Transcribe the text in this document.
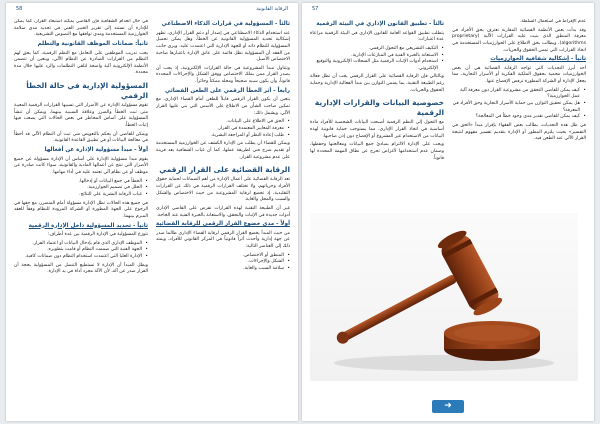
الرقابة القانونية
58
ثالثاً - المسؤولية في قرارات الذكاء الاصطناعي

عند استخدام الذكاء الاصطناعي في إصدار أو دعم القرار الإداري، تظهر إشكالية تحديد المسؤولية القانونية عن الخطأ، وهل يمكن تحميل المسؤولية للنظام ذاته أو للجهة الإدارية التي اعتمدت عليه. ويرى جانب من الفقه أن المسؤولية تظل قائمة على عاتق الإدارة باعتبارها صاحبة الاختصاص الأصيل.

وتتناول مبدأ المشروعية في حالة القرارات الإلكترونية، إذ يجب أن يصدر القرار ممن يملك الاختصاص ووفق الشكل والإجراءات المحددة قانوناً، وأن يكون سببه صحيحاً ومحله ممكناً وجائزاً.

رابعاً - أثر الخطأ الرقمي على الطعن القضائي

يتعين أن يكون القرار الرقمي قابلاً للطعن أمام القضاء الإداري، مع تمكين صاحب الشأن من الاطلاع على الأسس التي بني عليها القرار الآلي، ويشمل ذلك:

• الحق في الاطلاع على البيانات.
• معرفة المعايير المعتمدة في القرار.
• طلب إعادة النظر أو المراجعة البشرية.

ويمكن للقضاء أن يطلب من الإدارة الكشف عن الخوارزمية المستخدمة أو تقديم شرح فني لطريقة عملها، كما أن غياب الشفافية يعد قرينة على عدم مشروعية القرار.

الرقابة القضائية على القرار الرقمي

تعد الرقابة القضائية على أعمال الإدارة من أهم الضمانات لحماية حقوق الأفراد وحرياتهم، ولا تختلف القرارات الرقمية في ذلك عن القرارات التقليدية، إذ تخضع لرقابة المشروعية من حيث الاختصاص والشكل والسبب والمحل والغاية.

غير أن الطبيعة التقنية لهذه القرارات تفرض على القاضي الإداري أدوات جديدة في الإثبات والتحقق، والاستعانة بالخبرة الفنية عند الحاجة.

أولاً - مدى خضوع القرار الرقمي للرقابة القضائية

من حيث المبدأ يخضع القرار الرقمي لرقابة القضاء الإداري طالما صدر عن جهة إدارية وأحدث أثراً قانونياً في المركز القانوني للأفراد، ويمتد ذلك إلى العناصر التالية:

• المنطق أو الاختصاص.
• الشكل والإجراءات.
• سلامة السبب والغاية.

في حال انعدام الشفافية فإن القاضي يمكنه استبعاد القرار، كما يمكن للإدارة أن تستند إلى تقرير الخبير الفني في تحديد مدى سلامة الخوارزمية المستخدمة ومدى توافقها مع النصوص التشريعية.

ثانياً: ضمانات الموظف القانونية والتظلم

يجب تدريب الموظفين على التعامل مع النظم الرقمية، كما يحق لهم التظلم من القرارات الصادرة عن النظام الآلي، ويتعين أن تتضمن الأنظمة الإلكترونية آلية واضحة لتلقي التظلمات والرد عليها خلال مدة محددة.

المسؤولية الإدارية في حالة الخطأ الرقمي

تقوم مسؤولية الإدارة عن الأضرار التي تسببها القرارات الرقمية المعيبة متى ثبت الخطأ والضرر وعلاقة السببية بينهما، ويمكن أن تنشأ المسؤولية على أساس المخاطر في بعض الحالات التي يصعب فيها إثبات الخطأ.

ويمكن للقاضي أن يحكم بالتعويض متى ثبت أن النظام الآلي قد أخطأ في معالجة البيانات أو في تطبيق القاعدة القانونية.

أولاً - مبدأ مسؤولية الإدارة عن أفعالها

يقوم مبدأ مسؤولية الإدارة على أساس أن الإدارة مسؤولة عن جميع الأضرار التي تنتج عن أعمالها المادية والقانونية، سواء كانت صادرة عن موظف أو عن نظام آلي تعتمد عليه في أداء مهامها.

• الخطأ في جمع البيانات أو إدخالها.
• الخلل في تصميم الخوارزمية.
• غياب الرقابة البشرية على النتائج.

في جميع هذه الحالات تظل الإدارة مسؤولة أمام المتضرر، مع حقها في الرجوع على الجهة المطورة أو الشركة المزودة للنظام وفقاً للعقد المبرم بينهما.

ثانياً - تحديد المسؤولية داخل الإدارة الرقمية

تتوزع المسؤولية في الإدارة الرقمية بين عدة أطراف:

• الموظف الإداري الذي قام بإدخال البيانات أو اعتماد القرار.
• الجهة الفنية التي صممت النظام أو قامت بتطويره.
• الإدارة العليا التي اعتمدت استخدام النظام دون ضمانات كافية.

ويظل المبدأ أن الإدارة لا تستطيع التنصل من المسؤولية بحجة أن القرار صدر عن آلة، لأن الآلة مجرد أداة في يد الإدارة.

57
ثالثاً - تطبيق القانون الإداري في البيئة الرقمية

يتطلب تطبيق القواعد العامة للقانون الإداري في البيئة الرقمية مراعاة عدة اعتبارات:

• التكيف التشريعي مع التحول الرقمي.
• الاستعانة بالخبرة الفنية في المنازعات الإدارية.
• استخدام أدوات الإثبات الرقمية مثل السجلات الإلكترونية والتوقيع الإلكتروني.

وبالتالي فإن الرقابة القضائية على القرار الرقمي يجب أن تظل فعالة رغم الطبيعة التقنية، بما يضمن التوازن بين مبدأ الفعالية الإدارية وحماية الحقوق والحريات.

خصوصية البيانات والقرارات الإدارية الرقمية

مع التحول إلى النظم الرقمية أصبحت البيانات الشخصية للأفراد مادة أساسية في اتخاذ القرار الإداري، مما يستوجب حماية قانونية لهذه البيانات من الاستخدام غير المشروع أو الإفصاح دون إذن صاحبها.

ويجب على الإدارة الالتزام بمبادئ جمع البيانات ومعالجتها وحفظها، وضمان عدم استخدامها لأغراض تخرج عن نطاق المهمة المحددة لها قانوناً.

عدم الإفراط في استعمال السلطة.

وقد بدأت بعض الأنظمة القضائية المقارنة تعترف بحق الأفراد في معرفة المنطق الذي بنيت عليه القرارات الآلية (proprietary algorithms)، ويطالب بحق الاطلاع على الخوارزميات المستخدمة في اتخاذ القرارات التي تمس الحقوق والحريات.

ثانياً - إشكالية شفافية الخوارزميات

أحد أبرز التحديات التي تواجه الرقابة القضائية هي أن بعض الخوارزميات محمية بحقوق الملكية الفكرية أو الأسرار التجارية، مما يجعل الإدارة أو الشركة المطورة ترفض الإفصاح عنها.

• كيف يمكن للقاضي التحقق من مشروعية القرار دون معرفة آلية عمل الخوارزمية؟
• هل يمكن تحقيق التوازن بين حماية الأسرار التجارية وحق الأفراد في المعرفة؟
• كيف يمكن للقاضي تقدير مدى وجود خطأ في المعالجة؟

في ظل هذه التحديات، يطالب بعض الفقهاء بإقرار مبدأ «الحق في التفسير» بحيث يلتزم المطور أو الإدارة بتقديم تفسير مفهوم لنتيجة القرار الآلي عند الطعن فيه.

➜
